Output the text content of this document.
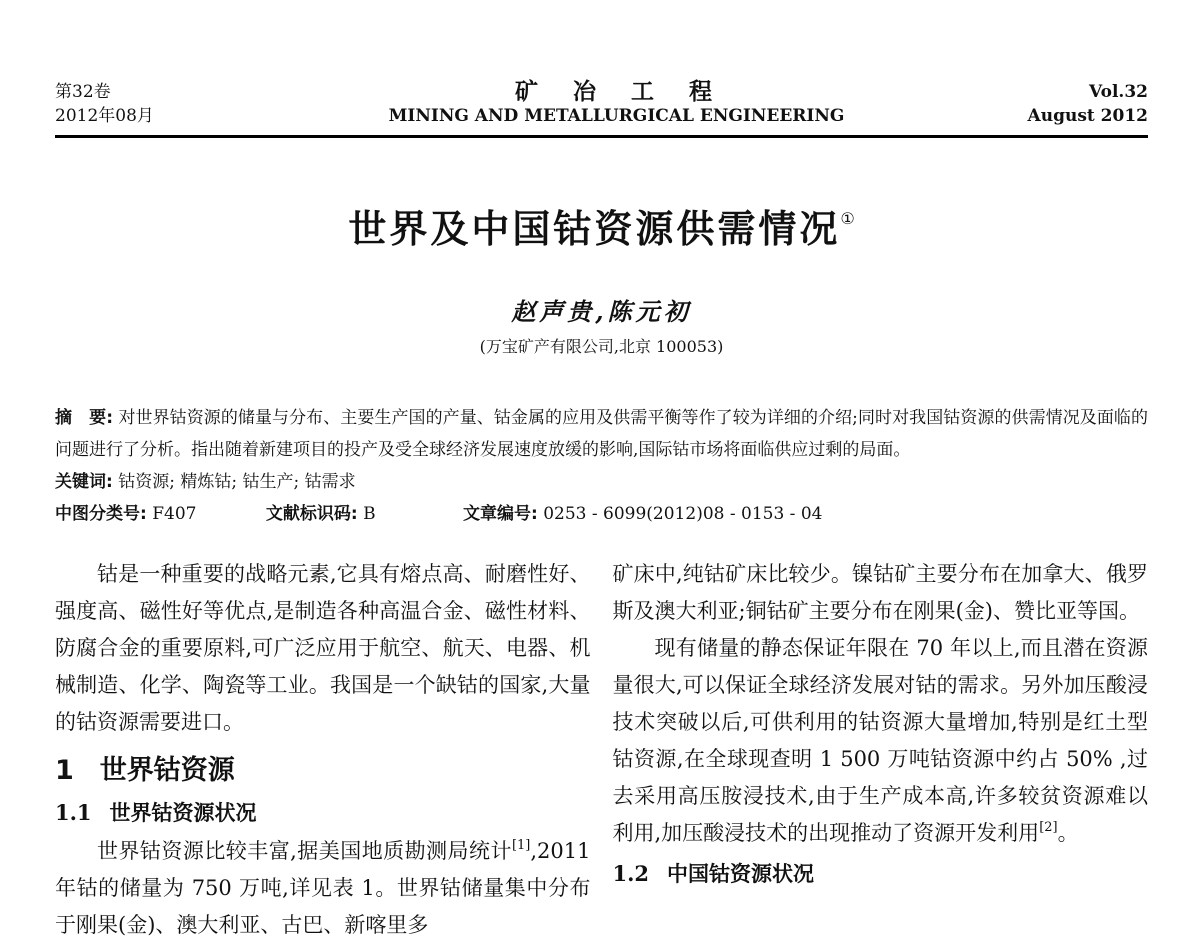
第32卷
2012年08月
矿　冶　工　程
MINING AND METALLURGICAL ENGINEERING
Vol.32
August 2012
世界及中国钴资源供需情况①
赵声贵,陈元初
(万宝矿产有限公司,北京 100053)
摘　要: 对世界钴资源的储量与分布、主要生产国的产量、钴金属的应用及供需平衡等作了较为详细的介绍;同时对我国钴资源的供需情况及面临的问题进行了分析。指出随着新建项目的投产及受全球经济发展速度放缓的影响,国际钴市场将面临供应过剩的局面。
关键词: 钴资源; 精炼钴; 钴生产; 钴需求
中图分类号: F407	文献标识码: B	文章编号: 0253 - 6099(2012)08 - 0153 - 04

钴是一种重要的战略元素,它具有熔点高、耐磨性好、强度高、磁性好等优点,是制造各种高温合金、磁性材料、防腐合金的重要原料,可广泛应用于航空、航天、电器、机械制造、化学、陶瓷等工业。我国是一个缺钴的国家,大量的钴资源需要进口。

1 世界钴资源
1.1 世界钴资源状况

世界钴资源比较丰富,据美国地质勘测局统计[1],2011 年钴的储量为 750 万吨,详见表 1。世界钴储量集中分布于刚果(金)、澳大利亚、古巴、新喀里多

矿床中,纯钴矿床比较少。镍钴矿主要分布在加拿大、俄罗斯及澳大利亚;铜钴矿主要分布在刚果(金)、赞比亚等国。

现有储量的静态保证年限在 70 年以上,而且潜在资源量很大,可以保证全球经济发展对钴的需求。另外加压酸浸技术突破以后,可供利用的钴资源大量增加,特别是红土型钴资源,在全球现查明 1 500 万吨钴资源中约占 50% ,过去采用高压胺浸技术,由于生产成本高,许多较贫资源难以利用,加压酸浸技术的出现推动了资源开发利用[2]。

1.2 中国钴资源状况
